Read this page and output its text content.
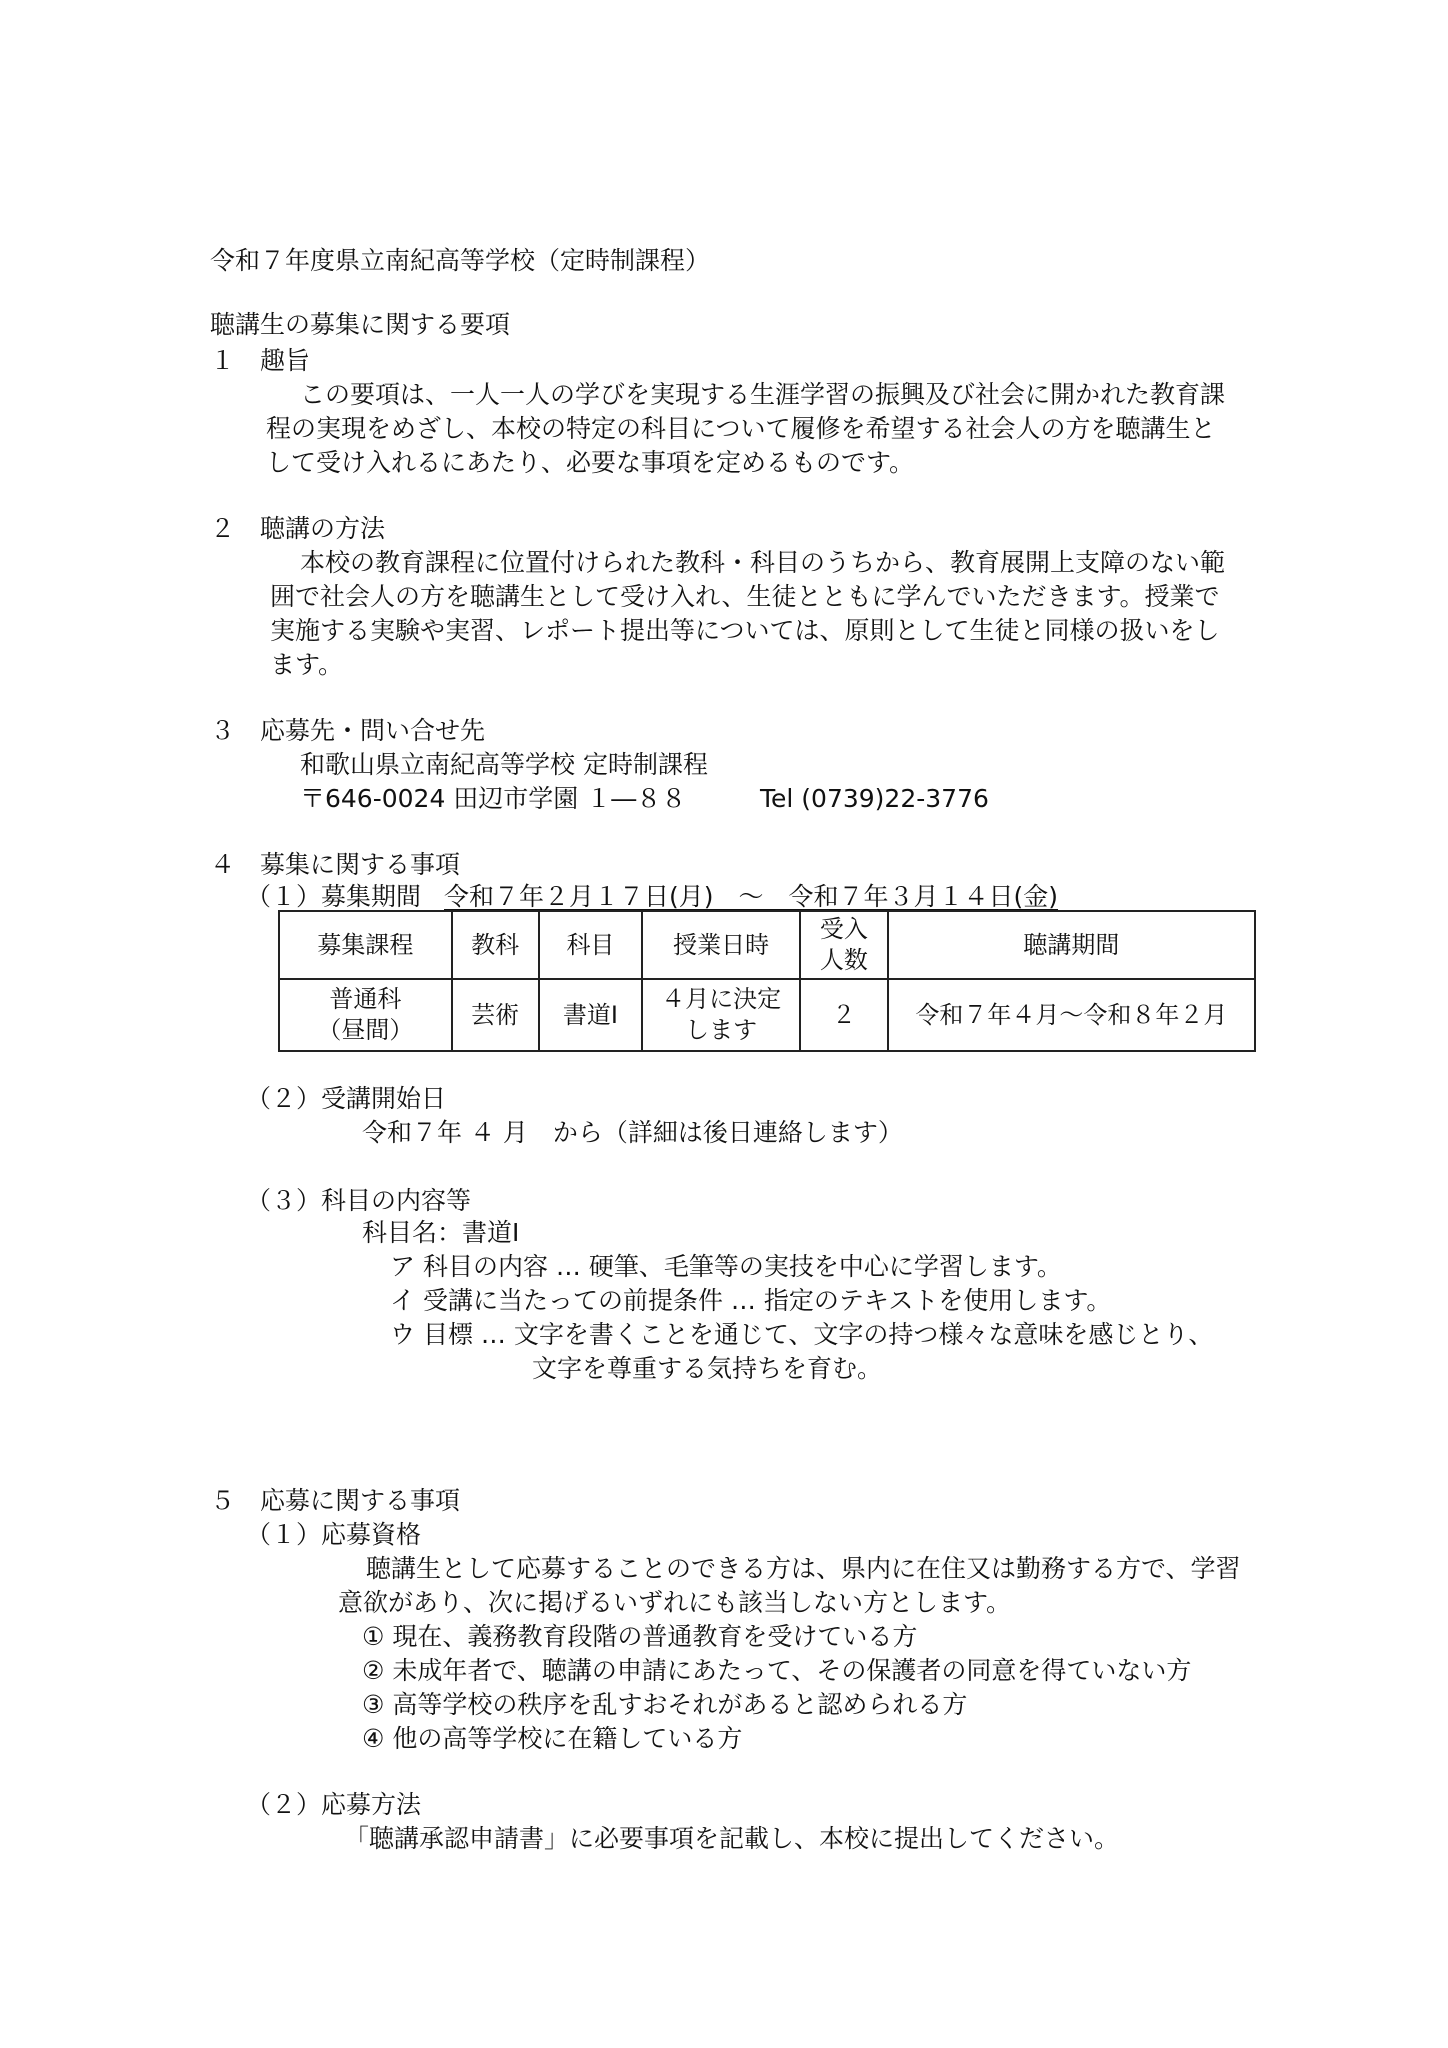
令和７年度県立南紀高等学校（定時制課程）
聴講生の募集に関する要項
１　趣旨
この要項は、一人一人の学びを実現する生涯学習の振興及び社会に開かれた教育課
程の実現をめざし、本校の特定の科目について履修を希望する社会人の方を聴講生と
して受け入れるにあたり、必要な事項を定めるものです。
２　聴講の方法
本校の教育課程に位置付けられた教科・科目のうちから、教育展開上支障のない範
囲で社会人の方を聴講生として受け入れ、生徒とともに学んでいただきます。授業で
実施する実験や実習、レポート提出等については、原則として生徒と同様の扱いをし
ます。
３　応募先・問い合せ先
和歌山県立南紀高等学校 定時制課程
〒646-0024 田辺市学園 １―８８	Tel (0739)22-3776
４　募集に関する事項
（１）募集期間 令和７年２月１７日(月)　～　令和７年３月１４日(金)
募集課程	教科	科目	授業日時	受入
人数	聴講期間

普通科
（昼間）	芸術	書道Ⅰ	４月に決定
します	２	令和７年４月～令和８年２月
（２）受講開始日
令和７年 ４ 月　から（詳細は後日連絡します）
（３）科目の内容等
科目名：書道Ⅰ
ア 科目の内容 … 硬筆、毛筆等の実技を中心に学習します。
イ 受講に当たっての前提条件 … 指定のテキストを使用します。
ウ 目標 … 文字を書くことを通じて、文字の持つ様々な意味を感じとり、
文字を尊重する気持ちを育む。
５　応募に関する事項
（１）応募資格
聴講生として応募することのできる方は、県内に在住又は勤務する方で、学習
意欲があり、次に掲げるいずれにも該当しない方とします。
① 現在、義務教育段階の普通教育を受けている方
② 未成年者で、聴講の申請にあたって、その保護者の同意を得ていない方
③ 高等学校の秩序を乱すおそれがあると認められる方
④ 他の高等学校に在籍している方
（２）応募方法
「聴講承認申請書」に必要事項を記載し、本校に提出してください。
